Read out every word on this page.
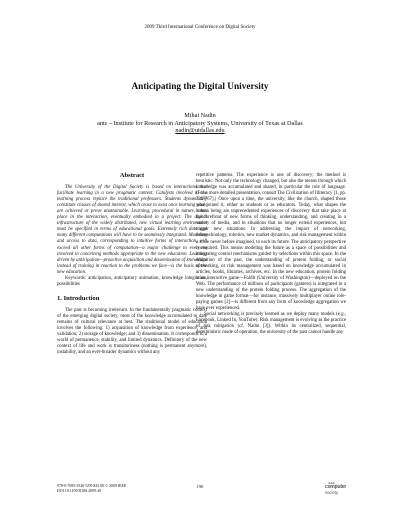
2009 Third International Conference on Digital Society
Anticipating the Digital University
Mihai Nadin
antε – Institute for Research in Anticipatory Systems, University of Texas at Dallas
nadin@utdallas.edu
Abstract

The University of the Digital Society is based on interactions that facilitate learning in a new pragmatic context. Catalysts involved in the learning process replace the traditional professors. Students dynamically constitute classes of shared interest, which cease to exist once learning goals are achieved or prove unattainable. Learning, procedural in nature, takes place in the interaction, eventually embodied in a project. The digital infrastructure of the widely distributed, new virtual learning environment must be specified in terms of educational goals. Extremely rich data and many different computations will have to be seamlessly integrated. Modeling and access to data, corresponding to intuitive forms of interaction, will exceed all other forms of computation—a major challenge to everyone involved in conceiving methods appropriate to the new education. Learning driven by anticipation—proactive acquisition and dissemination of knowledge instead of training in reaction to the problems we face—is the basis of the new education.

Keywords: anticipation, anticipatory animation, knowledge integration, possibilities
1. Introduction

The past is becoming irrelevant. In the fundamentally pragmatic context of the emerging digital society, most of the knowledge accumulated to date remains of cultural relevance at best. The traditional model of education involves the following: 1) acquisition of knowledge from experience, and validation; 2) storage of knowledge; and 3) dissemination. It corresponds to a world of permanence, stability, and limited dynamics. Definitory of the new context of life and work is transitoriness (nothing is permanent anymore), instability, and an ever-broader dynamics without any

repetitive patterns. The experience is one of discovery; the method is heuristic. Not only the technology changed, but also the means through which knowledge was accumulated and shared, in particular the role of language. (For a more detailed presentation, consult The Civilization of Illiteracy [1, pp. 729-767].) Once upon a time, the university, like the church, shaped those who joined it, either as students or as educators. Today, what shapes the human being are unprecedented experiences of discovery that take place at the forefront of new forms of thinking, understanding, and creating in a variety of media, and in situations that no longer extend experiences, but trigger new situations. In addressing the impact of networking, nanotechnology, robotics, new market dynamics, and risk management within a scale never before imagined, to each its future. The anticipatory perspective is required. This means modeling the future as a space of possibilities and integrating control mechanisms guided by selections within this space. In the education of the past, the understanding of protein folding, or social networking, or risk management was based on knowledge accumulated in articles, books, libraries, archives, etc. In the new education, protein folding is an interactive game—Foldlt (University of Washington)—deployed on the Web. The performance of millions of participants (gamers) is integrated in a new understanding of the protein folding process. The aggregation of the knowledge in game format—for instance, massively multiplayer online role-paying games [2]—is different from any form of knowledge aggregation we have ever experienced.

Social networking is precisely learned as we deploy many models (e.g., Facebook, Linked In, YouTube). Risk management is evolving as the practice of risk mitigation (cf. Nadin [3]). Within its centralized, sequential, deterministic mode of operation, the university of the past cannot handle any

978-0-7695-3526-5/09 $25.00 © 2009 IEEE
DOI 10.1109/ICDS.2009.49
190
IEEE
computer
society
